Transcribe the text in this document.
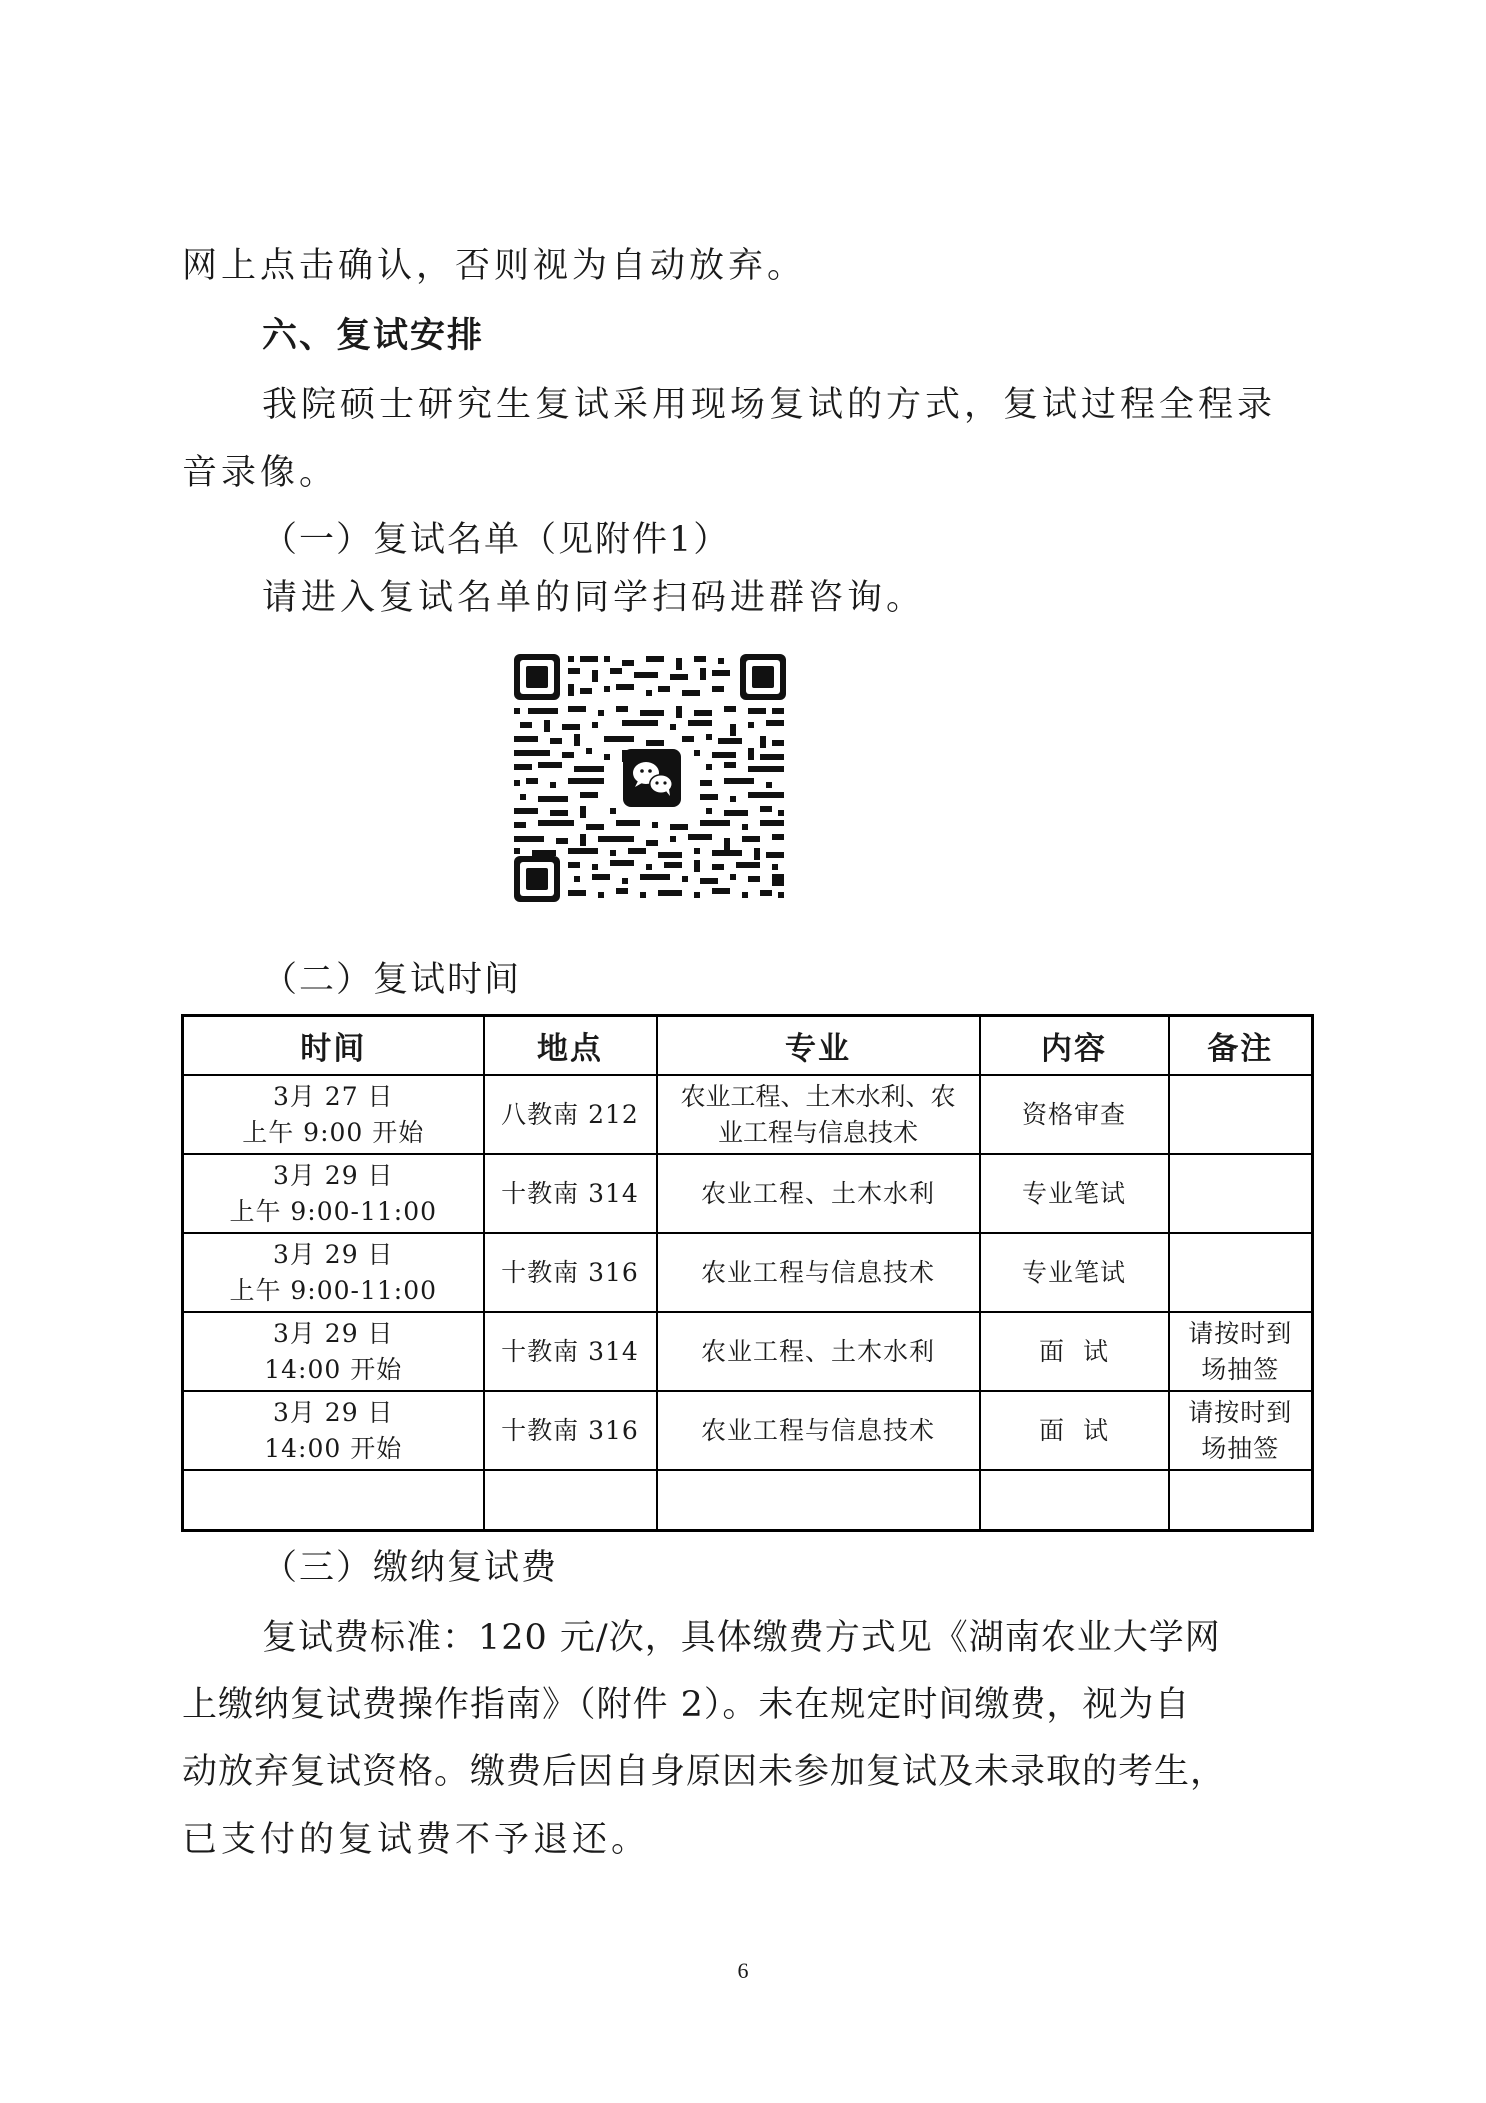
网上点击确认，否则视为自动放弃。
六、复试安排
我院硕士研究生复试采用现场复试的方式，复试过程全程录
音录像。
（一）复试名单（见附件1）
请进入复试名单的同学扫码进群咨询。
（二）复试时间
时间	地点	专业	内容	备注

3月 27 日
上午 9:00 开始	八教南 212	农业工程、土木水利、农
业工程与信息技术	资格审查	

3月 29 日
上午 9:00-11:00	十教南 314	农业工程、土木水利	专业笔试	

3月 29 日
上午 9:00-11:00	十教南 316	农业工程与信息技术	专业笔试	

3月 29 日
14:00 开始	十教南 314	农业工程、土木水利	面  试	请按时到
场抽签

3月 29 日
14:00 开始	十教南 316	农业工程与信息技术	面  试	请按时到
场抽签

（三）缴纳复试费
复试费标准：120 元/次，具体缴费方式见《湖南农业大学网
上缴纳复试费操作指南》（附件 2）。未在规定时间缴费，视为自
动放弃复试资格。缴费后因自身原因未参加复试及未录取的考生，
已支付的复试费不予退还。
6
